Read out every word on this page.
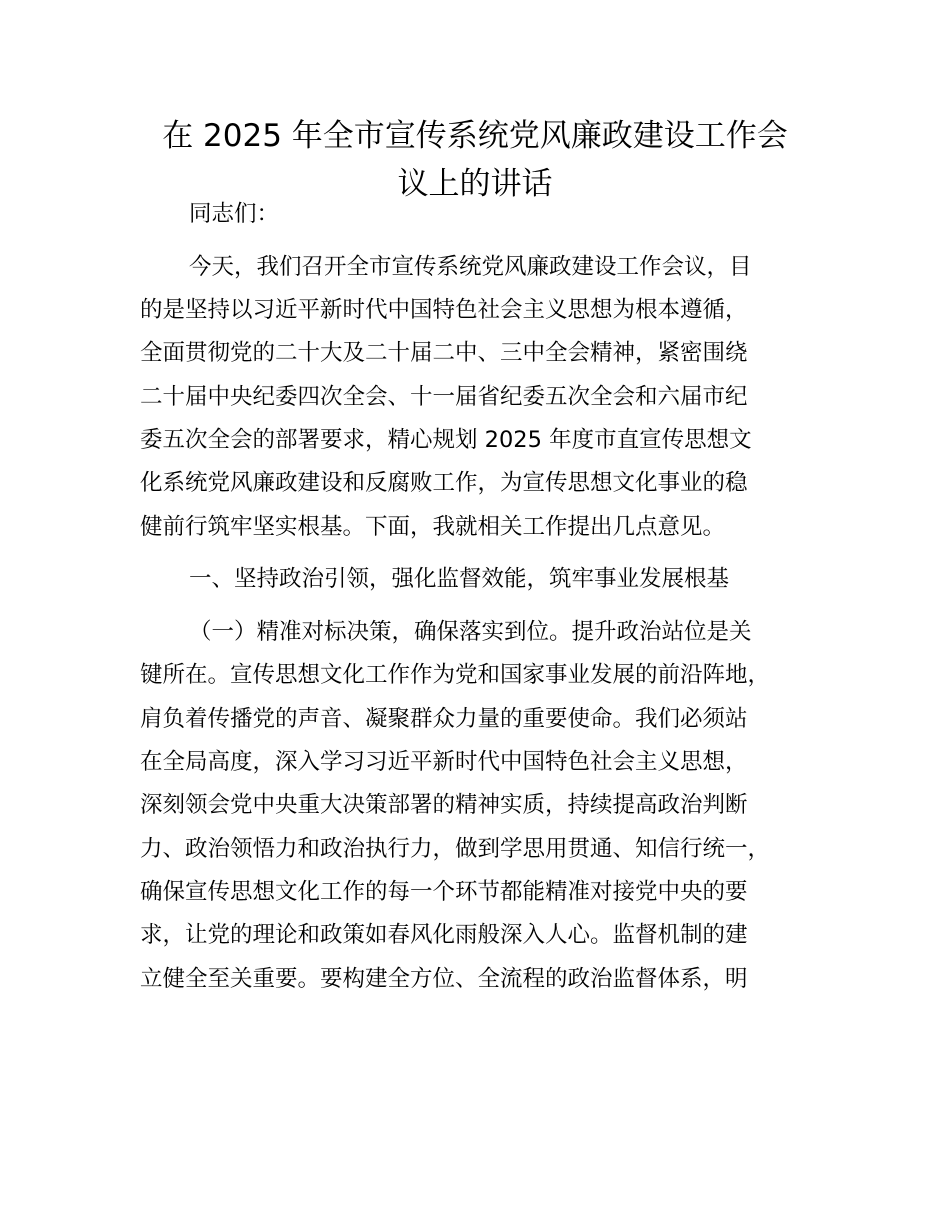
在 2025 年全市宣传系统党风廉政建设工作会
议上的讲话
同志们：
今天，我们召开全市宣传系统党风廉政建设工作会议，目
的是坚持以习近平新时代中国特色社会主义思想为根本遵循，
全面贯彻党的二十大及二十届二中、三中全会精神，紧密围绕
二十届中央纪委四次全会、十一届省纪委五次全会和六届市纪
委五次全会的部署要求，精心规划 2025 年度市直宣传思想文
化系统党风廉政建设和反腐败工作，为宣传思想文化事业的稳
健前行筑牢坚实根基。下面，我就相关工作提出几点意见。
一、坚持政治引领，强化监督效能，筑牢事业发展根基
（一）精准对标决策，确保落实到位。提升政治站位是关
键所在。宣传思想文化工作作为党和国家事业发展的前沿阵地，
肩负着传播党的声音、凝聚群众力量的重要使命。我们必须站
在全局高度，深入学习习近平新时代中国特色社会主义思想，
深刻领会党中央重大决策部署的精神实质，持续提高政治判断
力、政治领悟力和政治执行力，做到学思用贯通、知信行统一，
确保宣传思想文化工作的每一个环节都能精准对接党中央的要
求，让党的理论和政策如春风化雨般深入人心。监督机制的建
立健全至关重要。要构建全方位、全流程的政治监督体系，明
